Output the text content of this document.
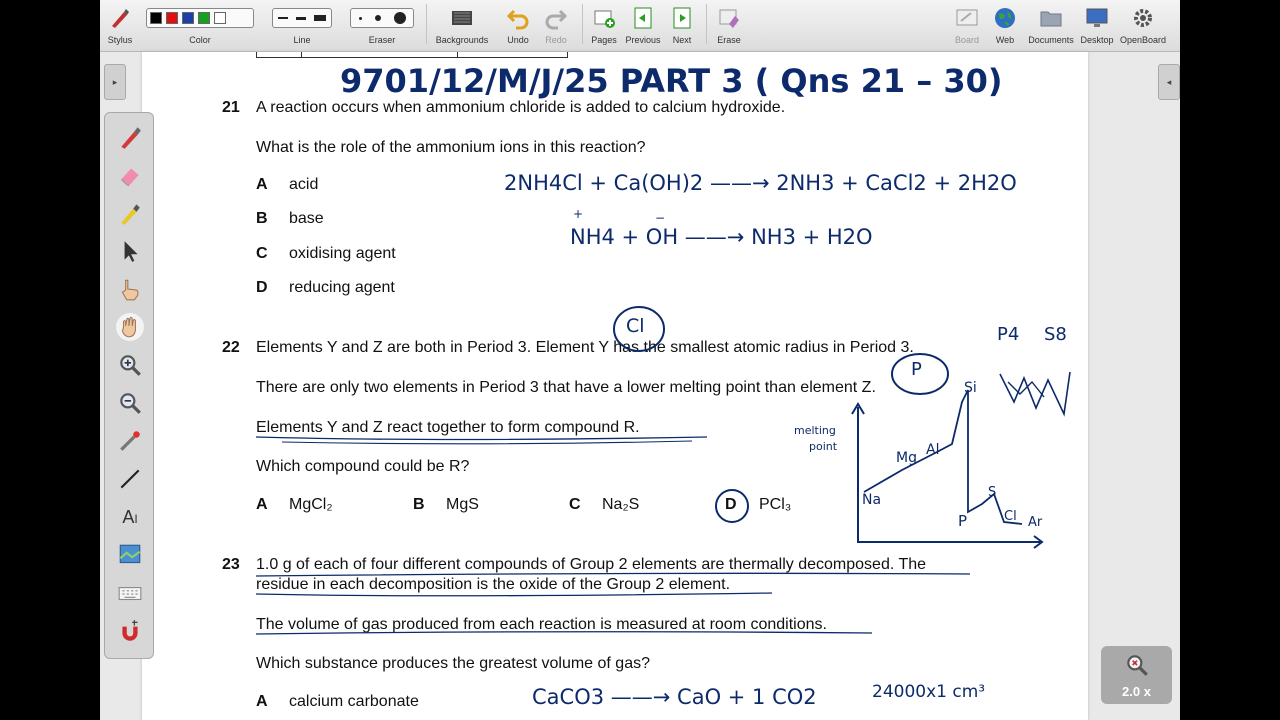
Stylus	Color	Line	Eraser	Backgrounds	Undo	Redo	Pages Previous	Next	Erase	Board	Web	Documents Desktop OpenBoard
▸	◂
21 A reaction occurs when ammonium chloride is added to calcium hydroxide.
What is the role of the ammonium ions in this reaction?
A acid
B base
C oxidising agent
D reducing agent
22 Elements Y and Z are both in Period 3. Element Y has the smallest atomic radius in Period 3.
There are only two elements in Period 3 that have a lower melting point than element Z.
Elements Y and Z react together to form compound R.
Which compound could be R?
A MgCl₂	B MgS	C Na₂S	D PCl₃
23 1.0 g of each of four different compounds of Group 2 elements are thermally decomposed. The
residue in each decomposition is the oxide of the Group 2 element.
The volume of gas produced from each reaction is measured at room conditions.
Which substance produces the greatest volume of gas?
A calcium carbonate
9701/12/M/J/25 PART 3 ( Qns 21 – 30)
2NH4Cl + Ca(OH)2 ——→ 2NH3 + CaCl2 + 2H2O
NH4 + OH ——→ NH3 + H2O
+	−
Cl	P4 S8
P
melting point
Na
Mg Al
Si
P
S
Cl Ar
CaCO3 ——→ CaO + 1 CO2	24000x1 cm³
AI
2.0 x
